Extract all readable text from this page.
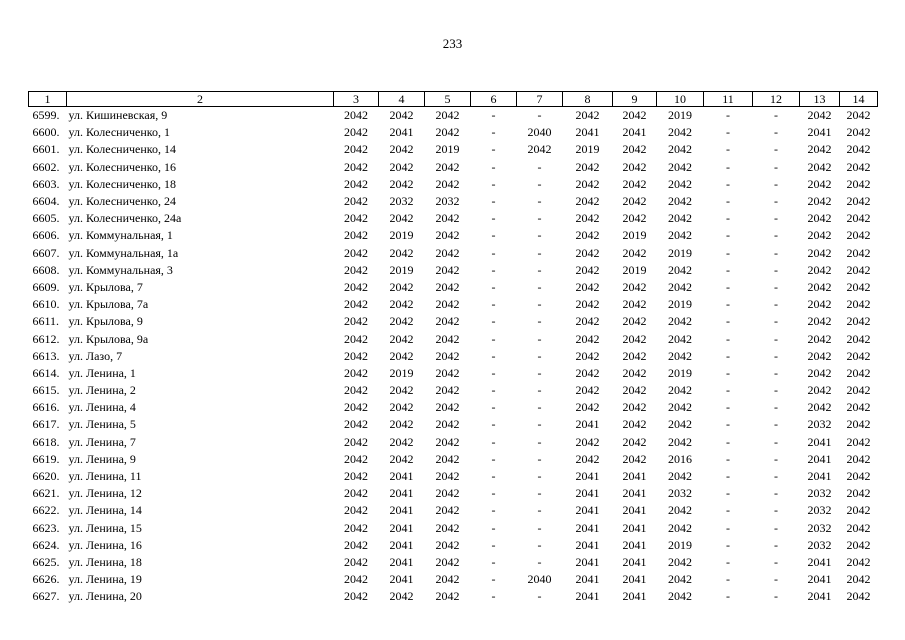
233
1	2	3	4	5	6	7	8	9	10	11	12	13	14
6599.	ул. Кишиневская, 9	2042	2042	2042	-	-	2042	2042	2019	-	-	2042	2042
6600.	ул. Колесниченко, 1	2042	2041	2042	-	2040	2041	2041	2042	-	-	2041	2042
6601.	ул. Колесниченко, 14	2042	2042	2019	-	2042	2019	2042	2042	-	-	2042	2042
6602.	ул. Колесниченко, 16	2042	2042	2042	-	-	2042	2042	2042	-	-	2042	2042
6603.	ул. Колесниченко, 18	2042	2042	2042	-	-	2042	2042	2042	-	-	2042	2042
6604.	ул. Колесниченко, 24	2042	2032	2032	-	-	2042	2042	2042	-	-	2042	2042
6605.	ул. Колесниченко, 24а	2042	2042	2042	-	-	2042	2042	2042	-	-	2042	2042
6606.	ул. Коммунальная, 1	2042	2019	2042	-	-	2042	2019	2042	-	-	2042	2042
6607.	ул. Коммунальная, 1а	2042	2042	2042	-	-	2042	2042	2019	-	-	2042	2042
6608.	ул. Коммунальная, 3	2042	2019	2042	-	-	2042	2019	2042	-	-	2042	2042
6609.	ул. Крылова, 7	2042	2042	2042	-	-	2042	2042	2042	-	-	2042	2042
6610.	ул. Крылова, 7а	2042	2042	2042	-	-	2042	2042	2019	-	-	2042	2042
6611.	ул. Крылова, 9	2042	2042	2042	-	-	2042	2042	2042	-	-	2042	2042
6612.	ул. Крылова, 9а	2042	2042	2042	-	-	2042	2042	2042	-	-	2042	2042
6613.	ул. Лазо, 7	2042	2042	2042	-	-	2042	2042	2042	-	-	2042	2042
6614.	ул. Ленина, 1	2042	2019	2042	-	-	2042	2042	2019	-	-	2042	2042
6615.	ул. Ленина, 2	2042	2042	2042	-	-	2042	2042	2042	-	-	2042	2042
6616.	ул. Ленина, 4	2042	2042	2042	-	-	2042	2042	2042	-	-	2042	2042
6617.	ул. Ленина, 5	2042	2042	2042	-	-	2041	2042	2042	-	-	2032	2042
6618.	ул. Ленина, 7	2042	2042	2042	-	-	2042	2042	2042	-	-	2041	2042
6619.	ул. Ленина, 9	2042	2042	2042	-	-	2042	2042	2016	-	-	2041	2042
6620.	ул. Ленина, 11	2042	2041	2042	-	-	2041	2041	2042	-	-	2041	2042
6621.	ул. Ленина, 12	2042	2041	2042	-	-	2041	2041	2032	-	-	2032	2042
6622.	ул. Ленина, 14	2042	2041	2042	-	-	2041	2041	2042	-	-	2032	2042
6623.	ул. Ленина, 15	2042	2041	2042	-	-	2041	2041	2042	-	-	2032	2042
6624.	ул. Ленина, 16	2042	2041	2042	-	-	2041	2041	2019	-	-	2032	2042
6625.	ул. Ленина, 18	2042	2041	2042	-	-	2041	2041	2042	-	-	2041	2042
6626.	ул. Ленина, 19	2042	2041	2042	-	2040	2041	2041	2042	-	-	2041	2042
6627.	ул. Ленина, 20	2042	2042	2042	-	-	2041	2041	2042	-	-	2041	2042
